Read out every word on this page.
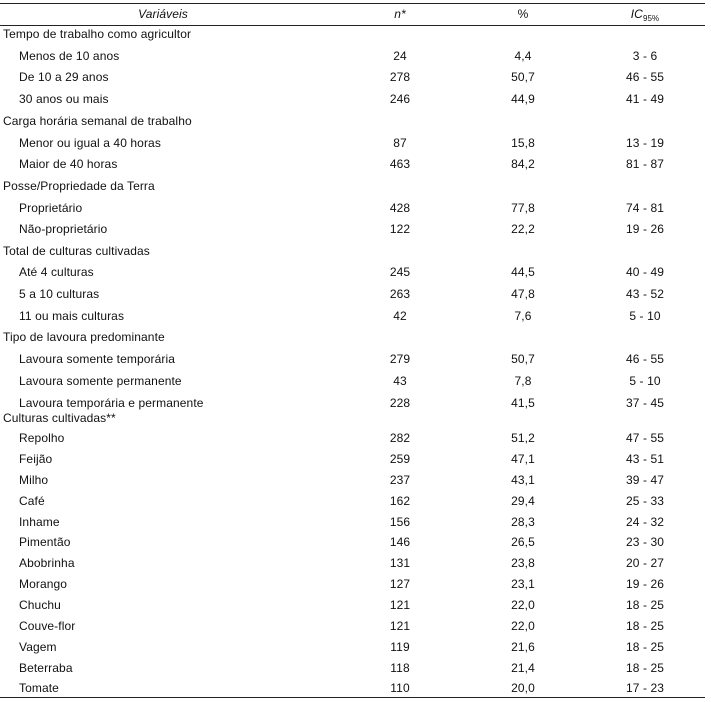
Variáveis	n*	%	$IC_{95\%}$
Tempo de trabalho como agricultor
Menos de 10 anos	24	4,4	3 - 6
De 10 a 29 anos	278	50,7	46 - 55
30 anos ou mais	246	44,9	41 - 49
Carga horária semanal de trabalho
Menor ou igual a 40 horas	87	15,8	13 - 19
Maior de 40 horas	463	84,2	81 - 87
Posse/Propriedade da Terra
Proprietário	428	77,8	74 - 81
Não-proprietário	122	22,2	19 - 26
Total de culturas cultivadas
Até 4 culturas	245	44,5	40 - 49
5 a 10 culturas	263	47,8	43 - 52
11 ou mais culturas	42	7,6	5 - 10
Tipo de lavoura predominante
Lavoura somente temporária	279	50,7	46 - 55
Lavoura somente permanente	43	7,8	5 - 10
Lavoura temporária e permanente	228	41,5	37 - 45
Culturas cultivadas**
Repolho	282	51,2	47 - 55
Feijão	259	47,1	43 - 51
Milho	237	43,1	39 - 47
Café	162	29,4	25 - 33
Inhame	156	28,3	24 - 32
Pimentão	146	26,5	23 - 30
Abobrinha	131	23,8	20 - 27
Morango	127	23,1	19 - 26
Chuchu	121	22,0	18 - 25
Couve-flor	121	22,0	18 - 25
Vagem	119	21,6	18 - 25
Beterraba	118	21,4	18 - 25
Tomate	110	20,0	17 - 23
